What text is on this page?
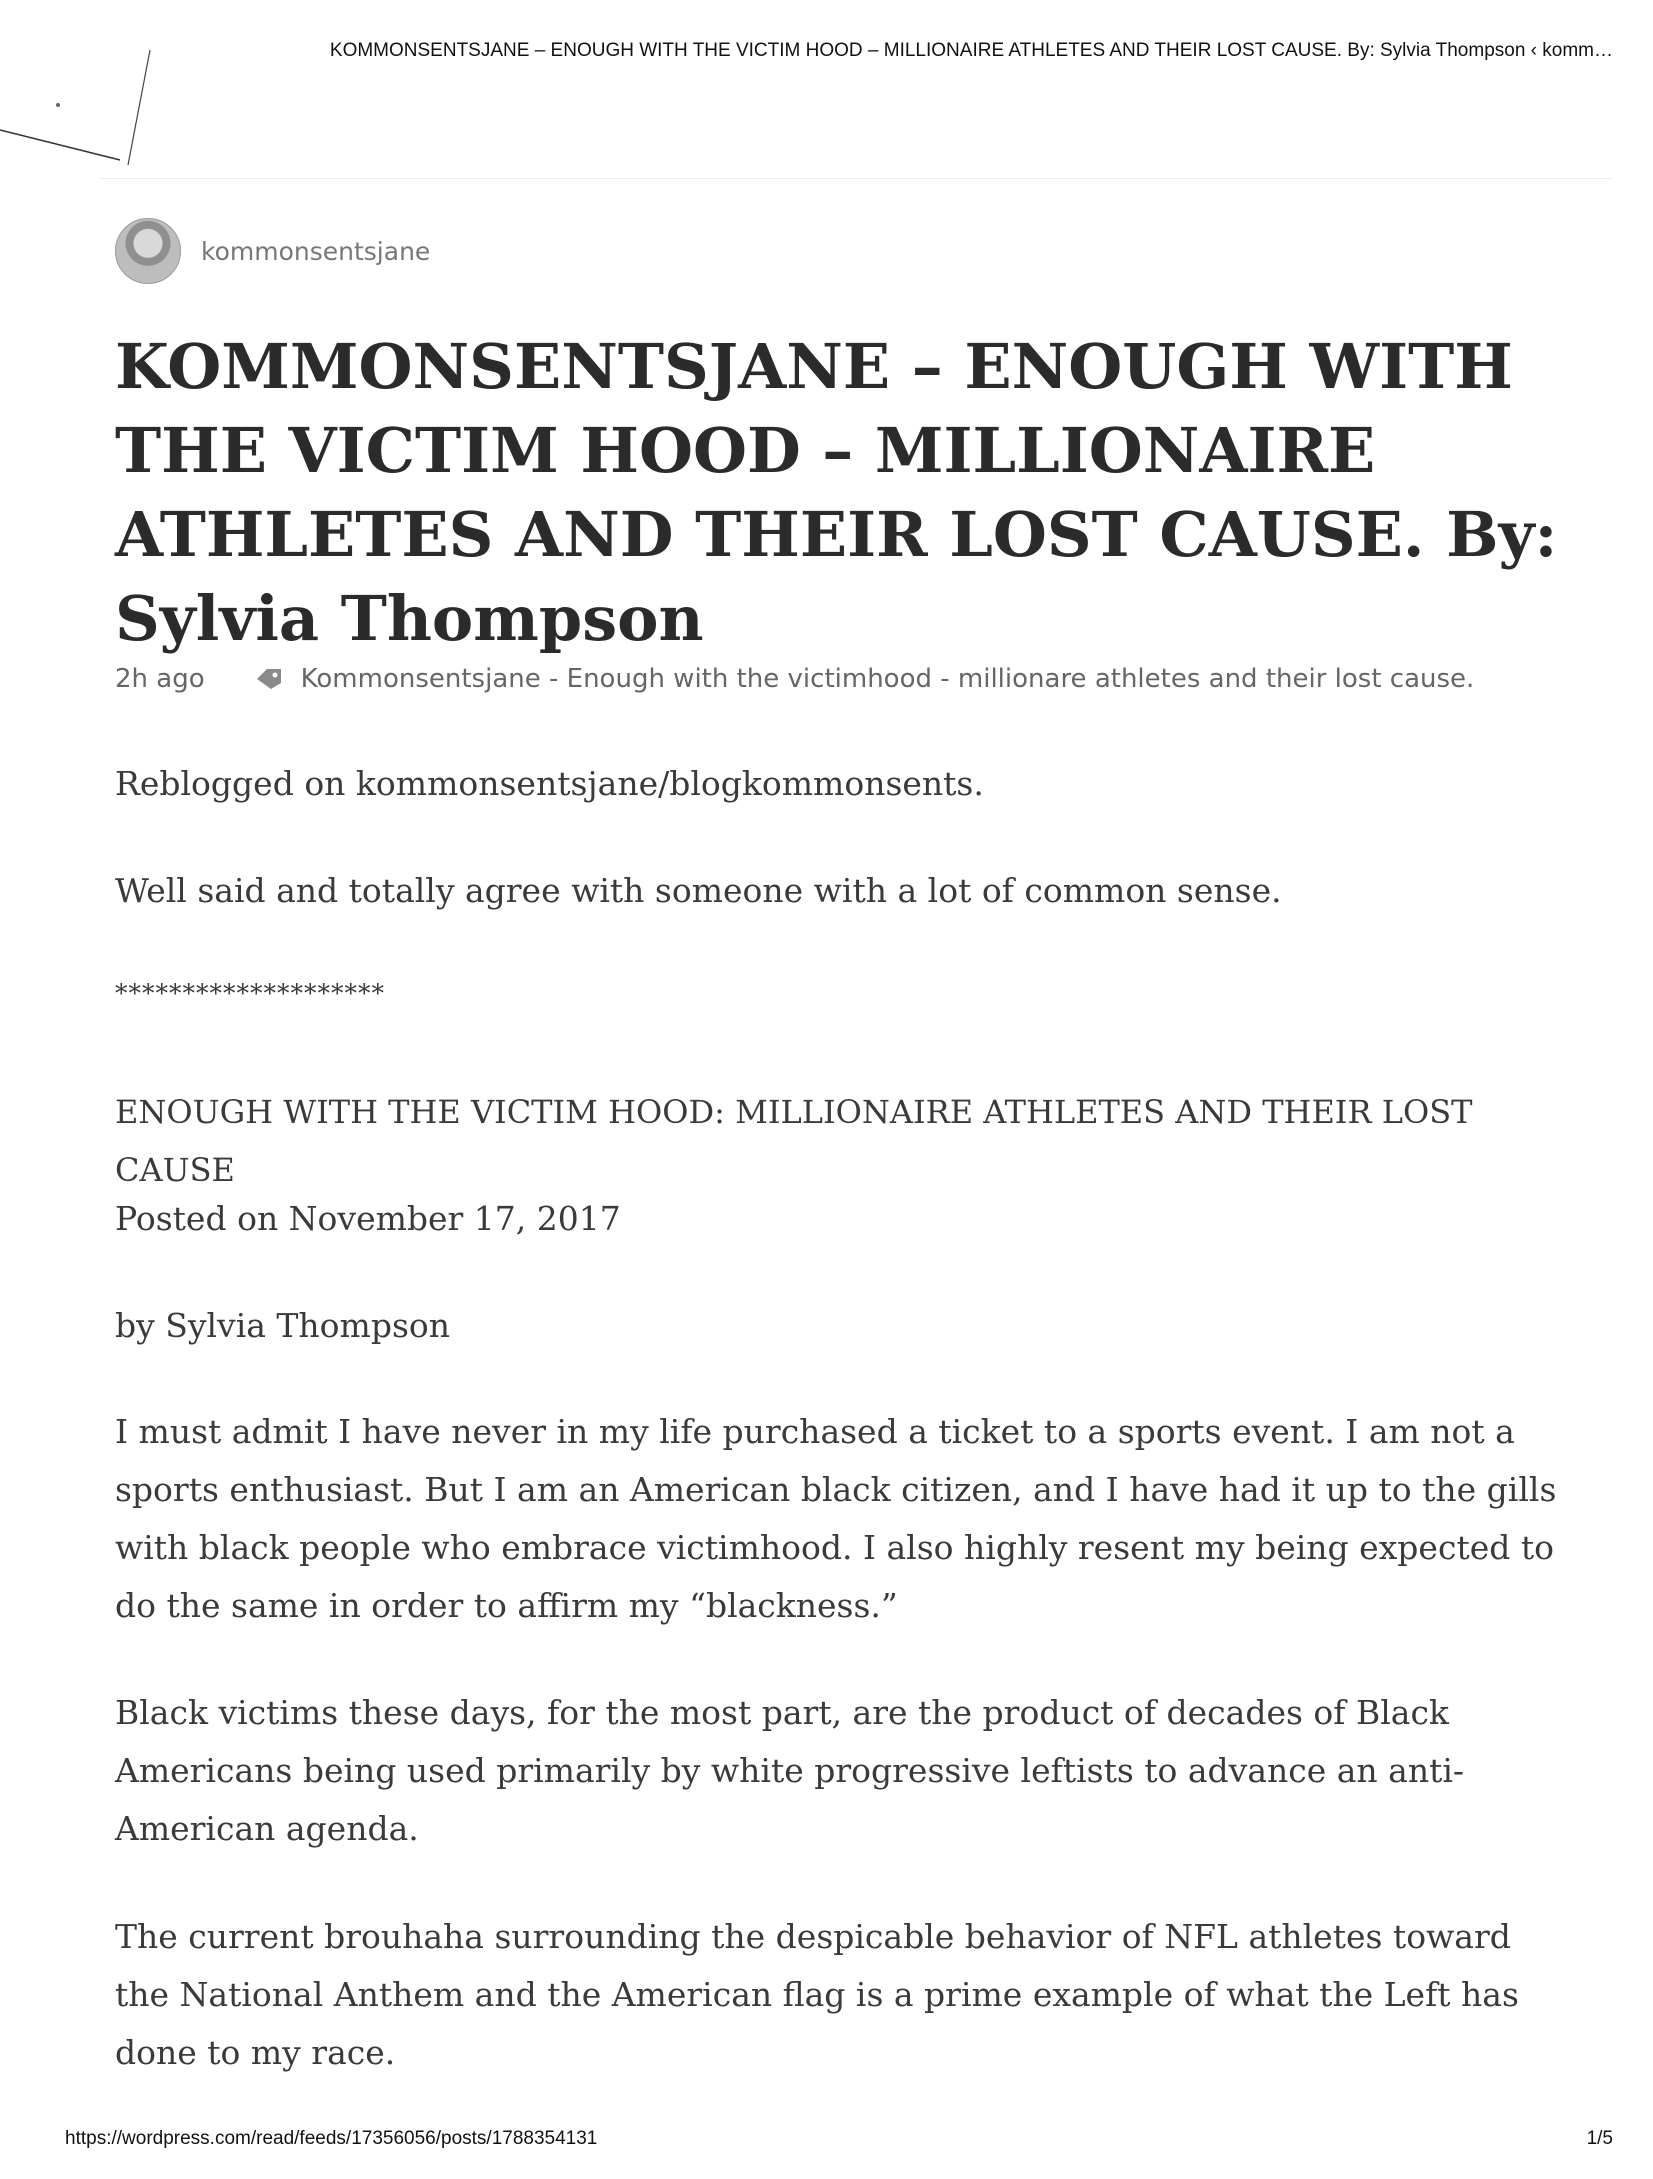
KOMMONSENTSJANE – ENOUGH WITH THE VICTIM HOOD – MILLIONAIRE ATHLETES AND THEIR LOST CAUSE. By: Sylvia Thompson ‹ komm…
kommonsentsjane
KOMMONSENTSJANE – ENOUGH WITH THE VICTIM HOOD – MILLIONAIRE ATHLETES AND THEIR LOST CAUSE. By: Sylvia Thompson
2h ago	Kommonsentsjane - Enough with the victimhood - millionare athletes and their lost cause.

Reblogged on kommonsentsjane/blogkommonsents.

Well said and totally agree with someone with a lot of common sense.

********************

ENOUGH WITH THE VICTIM HOOD: MILLIONAIRE ATHLETES AND THEIR LOST CAUSE

Posted on November 17, 2017

by Sylvia Thompson

I must admit I have never in my life purchased a ticket to a sports event. I am not a sports enthusiast. But I am an American black citizen, and I have had it up to the gills with black people who embrace victimhood. I also highly resent my being expected to do the same in order to affirm my “blackness.”

Black victims these days, for the most part, are the product of decades of Black Americans being used primarily by white progressive leftists to advance an anti-American agenda.

The current brouhaha surrounding the despicable behavior of NFL athletes toward the National Anthem and the American flag is a prime example of what the Left has done to my race.

https://wordpress.com/read/feeds/17356056/posts/1788354131	1/5
